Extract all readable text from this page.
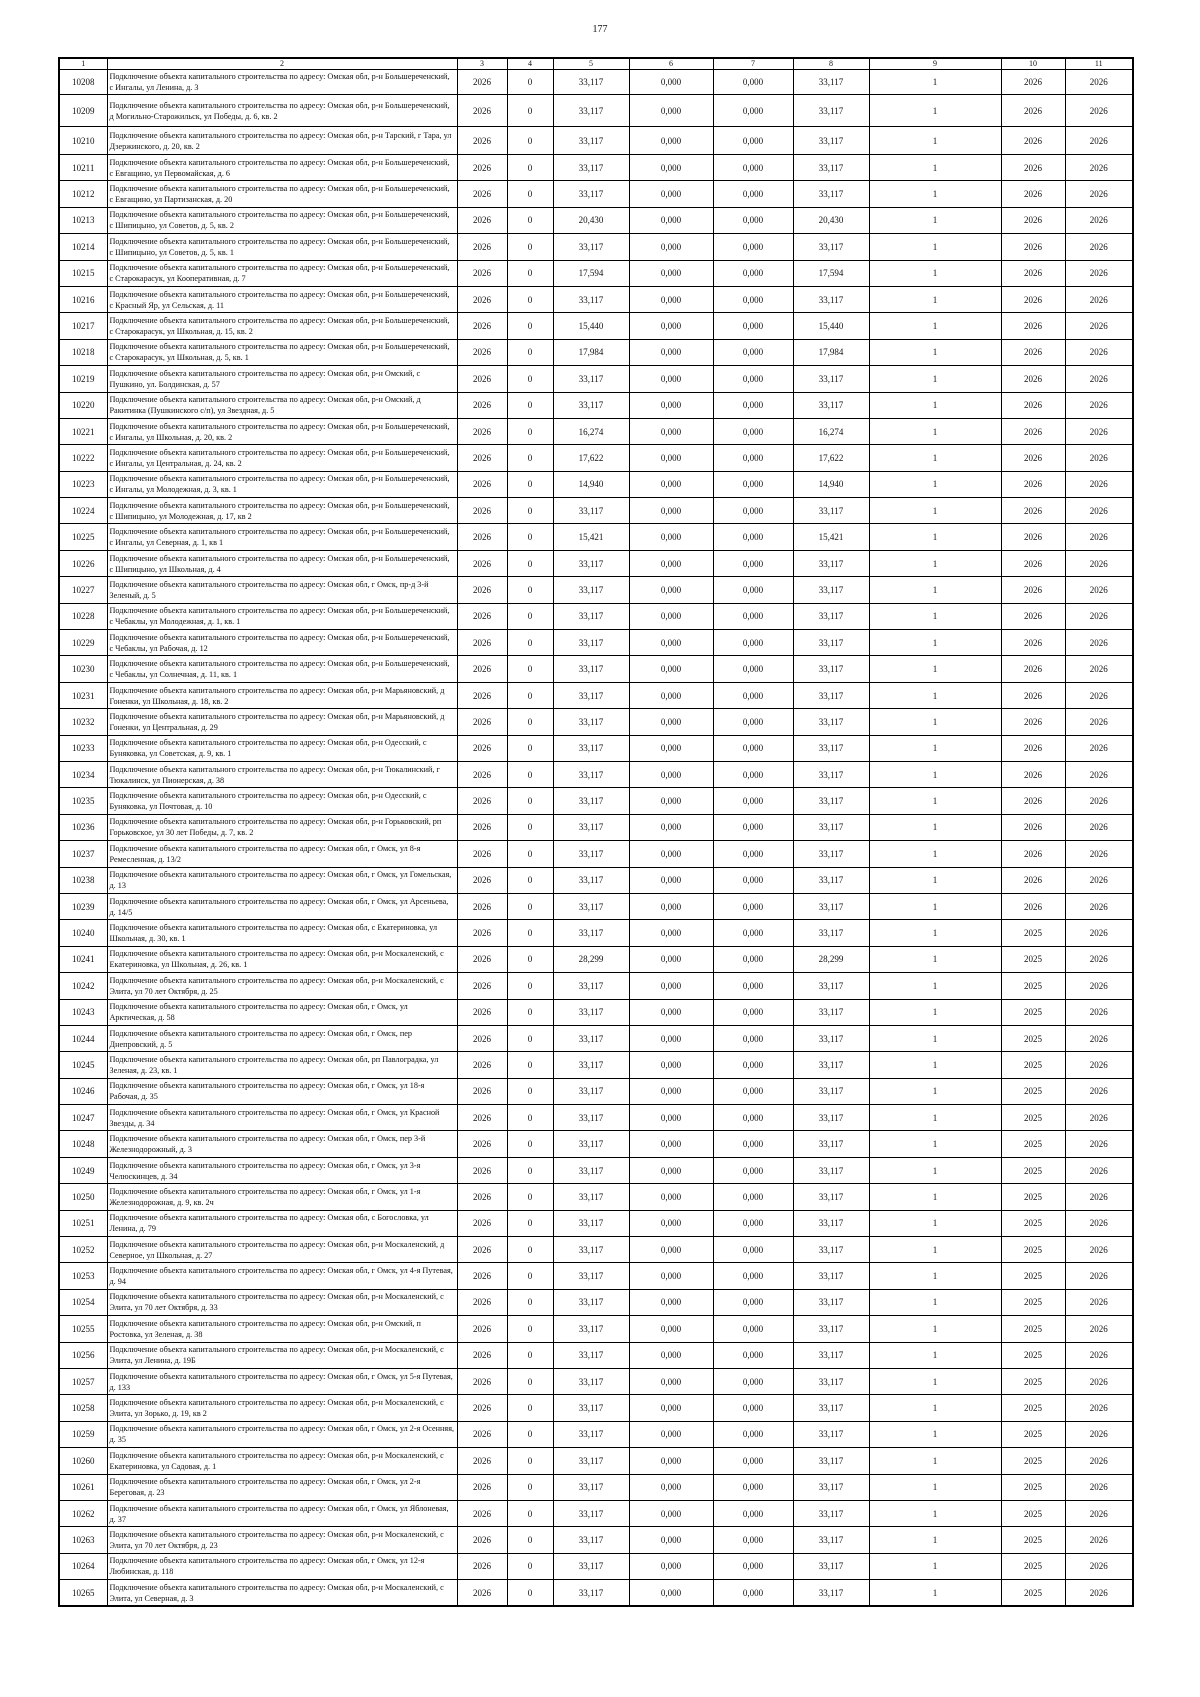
177
1	2	3	4	5	6	7	8	9	10	11
10208	Подключение объекта капитального строительства по адресу: Омская обл, р-н Большереченский, с Ингалы, ул Ленина, д. 3	2026	0	33,117	0,000	0,000	33,117	1	2026	2026
10209	Подключение объекта капитального строительства по адресу: Омская обл, р-н Большереченский, д Могильно-Старожильск, ул Победы, д. 6, кв. 2	2026	0	33,117	0,000	0,000	33,117	1	2026	2026
10210	Подключение объекта капитального строительства по адресу: Омская обл, р-н Тарский, г Тара, ул Дзержинского, д. 20, кв. 2	2026	0	33,117	0,000	0,000	33,117	1	2026	2026
10211	Подключение объекта капитального строительства по адресу: Омская обл, р-н Большереченский, с Евгащино, ул Первомайская, д. 6	2026	0	33,117	0,000	0,000	33,117	1	2026	2026
10212	Подключение объекта капитального строительства по адресу: Омская обл, р-н Большереченский, с Евгащино, ул Партизанская, д. 20	2026	0	33,117	0,000	0,000	33,117	1	2026	2026
10213	Подключение объекта капитального строительства по адресу: Омская обл, р-н Большереченский, с Шипицыно, ул Советов, д. 5, кв. 2	2026	0	20,430	0,000	0,000	20,430	1	2026	2026
10214	Подключение объекта капитального строительства по адресу: Омская обл, р-н Большереченский, с Шипицыно, ул Советов, д. 5, кв. 1	2026	0	33,117	0,000	0,000	33,117	1	2026	2026
10215	Подключение объекта капитального строительства по адресу: Омская обл, р-н Большереченский, с Старокарасук, ул Кооперативная, д. 7	2026	0	17,594	0,000	0,000	17,594	1	2026	2026
10216	Подключение объекта капитального строительства по адресу: Омская обл, р-н Большереченский, с Красный Яр, ул Сельская, д. 11	2026	0	33,117	0,000	0,000	33,117	1	2026	2026
10217	Подключение объекта капитального строительства по адресу: Омская обл, р-н Большереченский, с Старокарасук, ул Школьная, д. 15, кв. 2	2026	0	15,440	0,000	0,000	15,440	1	2026	2026
10218	Подключение объекта капитального строительства по адресу: Омская обл, р-н Большереченский, с Старокарасук, ул Школьная, д. 5, кв. 1	2026	0	17,984	0,000	0,000	17,984	1	2026	2026
10219	Подключение объекта капитального строительства по адресу: Омская обл, р-н Омский, с Пушкино, ул. Болдинская, д. 57	2026	0	33,117	0,000	0,000	33,117	1	2026	2026
10220	Подключение объекта капитального строительства по адресу: Омская обл, р-н Омский, д Ракитинка (Пушкинского с/п), ул Звездная, д. 5	2026	0	33,117	0,000	0,000	33,117	1	2026	2026
10221	Подключение объекта капитального строительства по адресу: Омская обл, р-н Большереченский, с Ингалы, ул Школьная, д. 20, кв. 2	2026	0	16,274	0,000	0,000	16,274	1	2026	2026
10222	Подключение объекта капитального строительства по адресу: Омская обл, р-н Большереченский, с Ингалы, ул Центральная, д. 24, кв. 2	2026	0	17,622	0,000	0,000	17,622	1	2026	2026
10223	Подключение объекта капитального строительства по адресу: Омская обл, р-н Большереченский, с Ингалы, ул Молодежная, д. 3, кв. 1	2026	0	14,940	0,000	0,000	14,940	1	2026	2026
10224	Подключение объекта капитального строительства по адресу: Омская обл, р-н Большереченский, с Шипицыно, ул Молодежная, д. 17, кв 2	2026	0	33,117	0,000	0,000	33,117	1	2026	2026
10225	Подключение объекта капитального строительства по адресу: Омская обл, р-н Большереченский, с Ингалы, ул Северная, д. 1, кв 1	2026	0	15,421	0,000	0,000	15,421	1	2026	2026
10226	Подключение объекта капитального строительства по адресу: Омская обл, р-н Большереченский, с Шипицыно, ул Школьная, д. 4	2026	0	33,117	0,000	0,000	33,117	1	2026	2026
10227	Подключение объекта капитального строительства по адресу: Омская обл, г Омск, пр-д 3-й Зеленый, д. 5	2026	0	33,117	0,000	0,000	33,117	1	2026	2026
10228	Подключение объекта капитального строительства по адресу: Омская обл, р-н Большереченский, с Чебаклы, ул Молодежная, д. 1, кв. 1	2026	0	33,117	0,000	0,000	33,117	1	2026	2026
10229	Подключение объекта капитального строительства по адресу: Омская обл, р-н Большереченский, с Чебаклы, ул Рабочая, д. 12	2026	0	33,117	0,000	0,000	33,117	1	2026	2026
10230	Подключение объекта капитального строительства по адресу: Омская обл, р-н Большереченский, с Чебаклы, ул Солнечная, д. 11, кв. 1	2026	0	33,117	0,000	0,000	33,117	1	2026	2026
10231	Подключение объекта капитального строительства по адресу: Омская обл, р-н Марьяновский, д Гоненки, ул Школьная, д. 18, кв. 2	2026	0	33,117	0,000	0,000	33,117	1	2026	2026
10232	Подключение объекта капитального строительства по адресу: Омская обл, р-н Марьяновский, д Гоненки, ул Центральная, д. 29	2026	0	33,117	0,000	0,000	33,117	1	2026	2026
10233	Подключение объекта капитального строительства по адресу: Омская обл, р-н Одесский, с Буняковка, ул Советская, д. 9, кв. 1	2026	0	33,117	0,000	0,000	33,117	1	2026	2026
10234	Подключение объекта капитального строительства по адресу: Омская обл, р-н Тюкалинский, г Тюкалинск, ул Пионерская, д. 38	2026	0	33,117	0,000	0,000	33,117	1	2026	2026
10235	Подключение объекта капитального строительства по адресу: Омская обл, р-н Одесский, с Буняковка, ул Почтовая, д. 10	2026	0	33,117	0,000	0,000	33,117	1	2026	2026
10236	Подключение объекта капитального строительства по адресу: Омская обл, р-н Горьковский, рп Горьковское, ул 30 лет Победы, д. 7, кв. 2	2026	0	33,117	0,000	0,000	33,117	1	2026	2026
10237	Подключение объекта капитального строительства по адресу: Омская обл, г Омск, ул 8-я Ремесленная, д. 13/2	2026	0	33,117	0,000	0,000	33,117	1	2026	2026
10238	Подключение объекта капитального строительства по адресу: Омская обл, г Омск, ул Гомельская, д. 13	2026	0	33,117	0,000	0,000	33,117	1	2026	2026
10239	Подключение объекта капитального строительства по адресу: Омская обл, г Омск, ул Арсеньева, д. 14/5	2026	0	33,117	0,000	0,000	33,117	1	2026	2026
10240	Подключение объекта капитального строительства по адресу: Омская обл, с Екатериновка, ул Школьная, д. 30, кв. 1	2026	0	33,117	0,000	0,000	33,117	1	2025	2026
10241	Подключение объекта капитального строительства по адресу: Омская обл, р-н Москаленский, с Екатериновка, ул Школьная, д. 26, кв. 1	2026	0	28,299	0,000	0,000	28,299	1	2025	2026
10242	Подключение объекта капитального строительства по адресу: Омская обл, р-н Москаленский, с Элита, ул 70 лет Октября, д. 25	2026	0	33,117	0,000	0,000	33,117	1	2025	2026
10243	Подключение объекта капитального строительства по адресу: Омская обл, г Омск, ул Арктическая, д. 58	2026	0	33,117	0,000	0,000	33,117	1	2025	2026
10244	Подключение объекта капитального строительства по адресу: Омская обл, г Омск, пер Днепровский, д. 5	2026	0	33,117	0,000	0,000	33,117	1	2025	2026
10245	Подключение объекта капитального строительства по адресу: Омская обл, рп Павлоградка, ул Зеленая, д. 23, кв. 1	2026	0	33,117	0,000	0,000	33,117	1	2025	2026
10246	Подключение объекта капитального строительства по адресу: Омская обл, г Омск, ул 18-я Рабочая, д. 35	2026	0	33,117	0,000	0,000	33,117	1	2025	2026
10247	Подключение объекта капитального строительства по адресу: Омская обл, г Омск, ул Красной Звезды, д. 34	2026	0	33,117	0,000	0,000	33,117	1	2025	2026
10248	Подключение объекта капитального строительства по адресу: Омская обл, г Омск, пер 3-й Железнодорожный, д. 3	2026	0	33,117	0,000	0,000	33,117	1	2025	2026
10249	Подключение объекта капитального строительства по адресу: Омская обл, г Омск, ул 3-я Челюскинцев, д. 34	2026	0	33,117	0,000	0,000	33,117	1	2025	2026
10250	Подключение объекта капитального строительства по адресу: Омская обл, г Омск, ул 1-я Железнодорожная, д. 9, кв. 2ч	2026	0	33,117	0,000	0,000	33,117	1	2025	2026
10251	Подключение объекта капитального строительства по адресу: Омская обл, с Богословка, ул Ленина, д. 79	2026	0	33,117	0,000	0,000	33,117	1	2025	2026
10252	Подключение объекта капитального строительства по адресу: Омская обл, р-н Москаленский, д Северное, ул Школьная, д. 27	2026	0	33,117	0,000	0,000	33,117	1	2025	2026
10253	Подключение объекта капитального строительства по адресу: Омская обл, г Омск, ул 4-я Путевая, д. 94	2026	0	33,117	0,000	0,000	33,117	1	2025	2026
10254	Подключение объекта капитального строительства по адресу: Омская обл, р-н Москаленский, с Элита, ул 70 лет Октября, д. 33	2026	0	33,117	0,000	0,000	33,117	1	2025	2026
10255	Подключение объекта капитального строительства по адресу: Омская обл, р-н Омский, п Ростовка, ул Зеленая, д. 38	2026	0	33,117	0,000	0,000	33,117	1	2025	2026
10256	Подключение объекта капитального строительства по адресу: Омская обл, р-н Москаленский, с Элита, ул Ленина, д. 19Б	2026	0	33,117	0,000	0,000	33,117	1	2025	2026
10257	Подключение объекта капитального строительства по адресу: Омская обл, г Омск, ул 5-я Путевая, д. 133	2026	0	33,117	0,000	0,000	33,117	1	2025	2026
10258	Подключение объекта капитального строительства по адресу: Омская обл, р-н Москаленский, с Элита, ул Зорько, д. 19, кв 2	2026	0	33,117	0,000	0,000	33,117	1	2025	2026
10259	Подключение объекта капитального строительства по адресу: Омская обл, г Омск, ул 2-я Осенняя, д. 35	2026	0	33,117	0,000	0,000	33,117	1	2025	2026
10260	Подключение объекта капитального строительства по адресу: Омская обл, р-н Москаленский, с Екатериновка, ул Садовая, д. 1	2026	0	33,117	0,000	0,000	33,117	1	2025	2026
10261	Подключение объекта капитального строительства по адресу: Омская обл, г Омск, ул 2-я Береговая, д. 23	2026	0	33,117	0,000	0,000	33,117	1	2025	2026
10262	Подключение объекта капитального строительства по адресу: Омская обл, г Омск, ул Яблоневая, д. 37	2026	0	33,117	0,000	0,000	33,117	1	2025	2026
10263	Подключение объекта капитального строительства по адресу: Омская обл, р-н Москаленский, с Элита, ул 70 лет Октября, д. 23	2026	0	33,117	0,000	0,000	33,117	1	2025	2026
10264	Подключение объекта капитального строительства по адресу: Омская обл, г Омск, ул 12-я Любинская, д. 118	2026	0	33,117	0,000	0,000	33,117	1	2025	2026
10265	Подключение объекта капитального строительства по адресу: Омская обл, р-н Москаленский, с Элита, ул Северная, д. 3	2026	0	33,117	0,000	0,000	33,117	1	2025	2026
